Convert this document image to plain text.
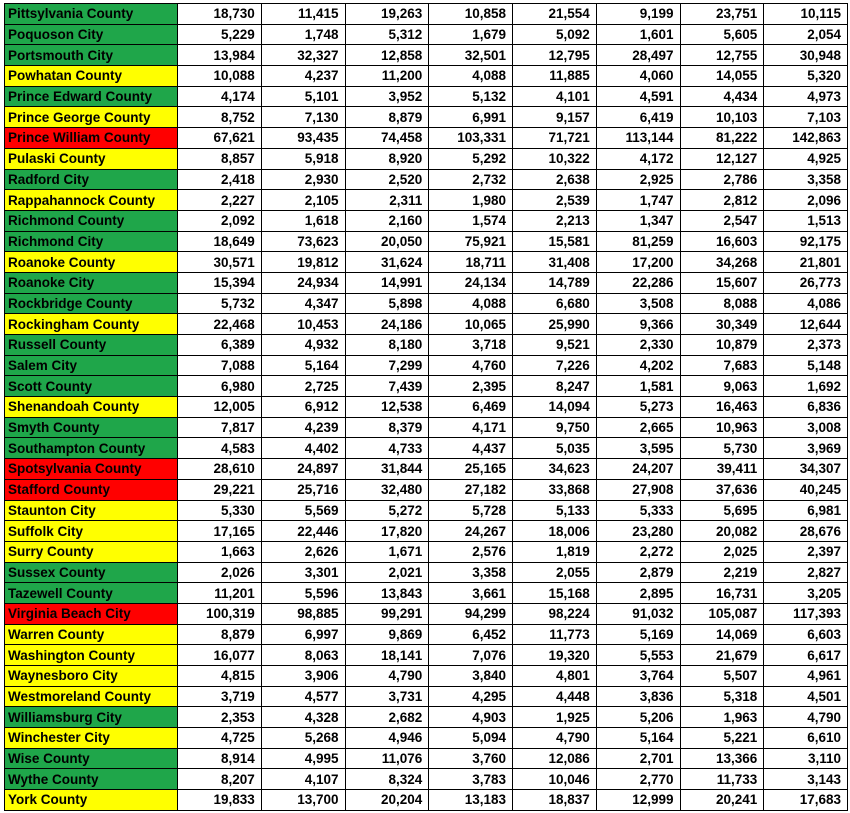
Pittsylvania County	18,730	11,415	19,263	10,858	21,554	9,199	23,751	10,115
Poquoson City	5,229	1,748	5,312	1,679	5,092	1,601	5,605	2,054
Portsmouth City	13,984	32,327	12,858	32,501	12,795	28,497	12,755	30,948
Powhatan County	10,088	4,237	11,200	4,088	11,885	4,060	14,055	5,320
Prince Edward County	4,174	5,101	3,952	5,132	4,101	4,591	4,434	4,973
Prince George County	8,752	7,130	8,879	6,991	9,157	6,419	10,103	7,103
Prince William County	67,621	93,435	74,458	103,331	71,721	113,144	81,222	142,863
Pulaski County	8,857	5,918	8,920	5,292	10,322	4,172	12,127	4,925
Radford City	2,418	2,930	2,520	2,732	2,638	2,925	2,786	3,358
Rappahannock County	2,227	2,105	2,311	1,980	2,539	1,747	2,812	2,096
Richmond County	2,092	1,618	2,160	1,574	2,213	1,347	2,547	1,513
Richmond City	18,649	73,623	20,050	75,921	15,581	81,259	16,603	92,175
Roanoke County	30,571	19,812	31,624	18,711	31,408	17,200	34,268	21,801
Roanoke City	15,394	24,934	14,991	24,134	14,789	22,286	15,607	26,773
Rockbridge County	5,732	4,347	5,898	4,088	6,680	3,508	8,088	4,086
Rockingham County	22,468	10,453	24,186	10,065	25,990	9,366	30,349	12,644
Russell County	6,389	4,932	8,180	3,718	9,521	2,330	10,879	2,373
Salem City	7,088	5,164	7,299	4,760	7,226	4,202	7,683	5,148
Scott County	6,980	2,725	7,439	2,395	8,247	1,581	9,063	1,692
Shenandoah County	12,005	6,912	12,538	6,469	14,094	5,273	16,463	6,836
Smyth County	7,817	4,239	8,379	4,171	9,750	2,665	10,963	3,008
Southampton County	4,583	4,402	4,733	4,437	5,035	3,595	5,730	3,969
Spotsylvania County	28,610	24,897	31,844	25,165	34,623	24,207	39,411	34,307
Stafford County	29,221	25,716	32,480	27,182	33,868	27,908	37,636	40,245
Staunton City	5,330	5,569	5,272	5,728	5,133	5,333	5,695	6,981
Suffolk City	17,165	22,446	17,820	24,267	18,006	23,280	20,082	28,676
Surry County	1,663	2,626	1,671	2,576	1,819	2,272	2,025	2,397
Sussex County	2,026	3,301	2,021	3,358	2,055	2,879	2,219	2,827
Tazewell County	11,201	5,596	13,843	3,661	15,168	2,895	16,731	3,205
Virginia Beach City	100,319	98,885	99,291	94,299	98,224	91,032	105,087	117,393
Warren County	8,879	6,997	9,869	6,452	11,773	5,169	14,069	6,603
Washington County	16,077	8,063	18,141	7,076	19,320	5,553	21,679	6,617
Waynesboro City	4,815	3,906	4,790	3,840	4,801	3,764	5,507	4,961
Westmoreland County	3,719	4,577	3,731	4,295	4,448	3,836	5,318	4,501
Williamsburg City	2,353	4,328	2,682	4,903	1,925	5,206	1,963	4,790
Winchester City	4,725	5,268	4,946	5,094	4,790	5,164	5,221	6,610
Wise County	8,914	4,995	11,076	3,760	12,086	2,701	13,366	3,110
Wythe County	8,207	4,107	8,324	3,783	10,046	2,770	11,733	3,143
York County	19,833	13,700	20,204	13,183	18,837	12,999	20,241	17,683
